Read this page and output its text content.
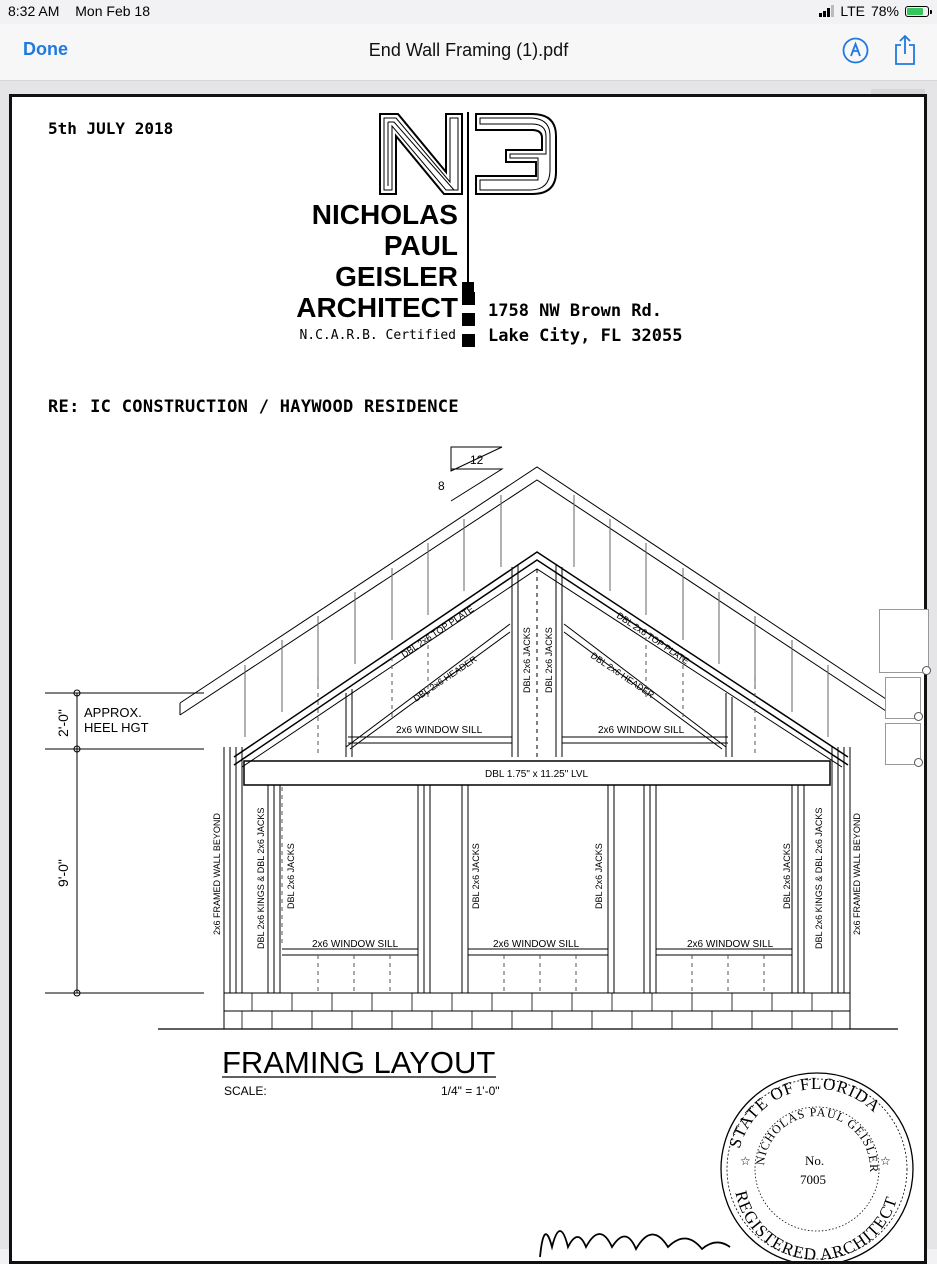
8:32 AM Mon Feb 18	LTE 78%
Done	End Wall Framing (1).pdf
5th JULY 2018
NICHOLAS
PAUL
GEISLER
ARCHITECT
N.C.A.R.B. Certified
1758 NW Brown Rd.
Lake City, FL 32055
RE: IC CONSTRUCTION / HAYWOOD RESIDENCE
12
8
APPROX.
HEEL HGT
2'-0"
9'-0"
DBL 2x6 TOP PLATE	DBL 2x6 TOP PLATE
DBL 2x6 HEADER	DBL 2x6 HEADER
DBL 2x6 JACKS DBL 2x6 JACKS
2x6 WINDOW SILL	2x6 WINDOW SILL
DBL 1.75" x 11.25" LVL
2x6 WINDOW SILL	2x6 WINDOW SILL	2x6 WINDOW SILL
2x6 FRAMED WALL BEYOND	2x6 FRAMED WALL BEYOND
DBL 2x6 KINGS & DBL 2x6 JACKS	DBL 2x6 KINGS & DBL 2x6 JACKS
DBL 2x6 JACKS	DBL 2x6 JACKS	DBL 2x6 JACKS	DBL 2x6 JACKS
FRAMING LAYOUT
SCALE:	1/4" = 1'-0"
STATE OF FLORIDA
NICHOLAS PAUL GEISLER
REGISTERED ARCHITECT
No.
7005
☆	☆
